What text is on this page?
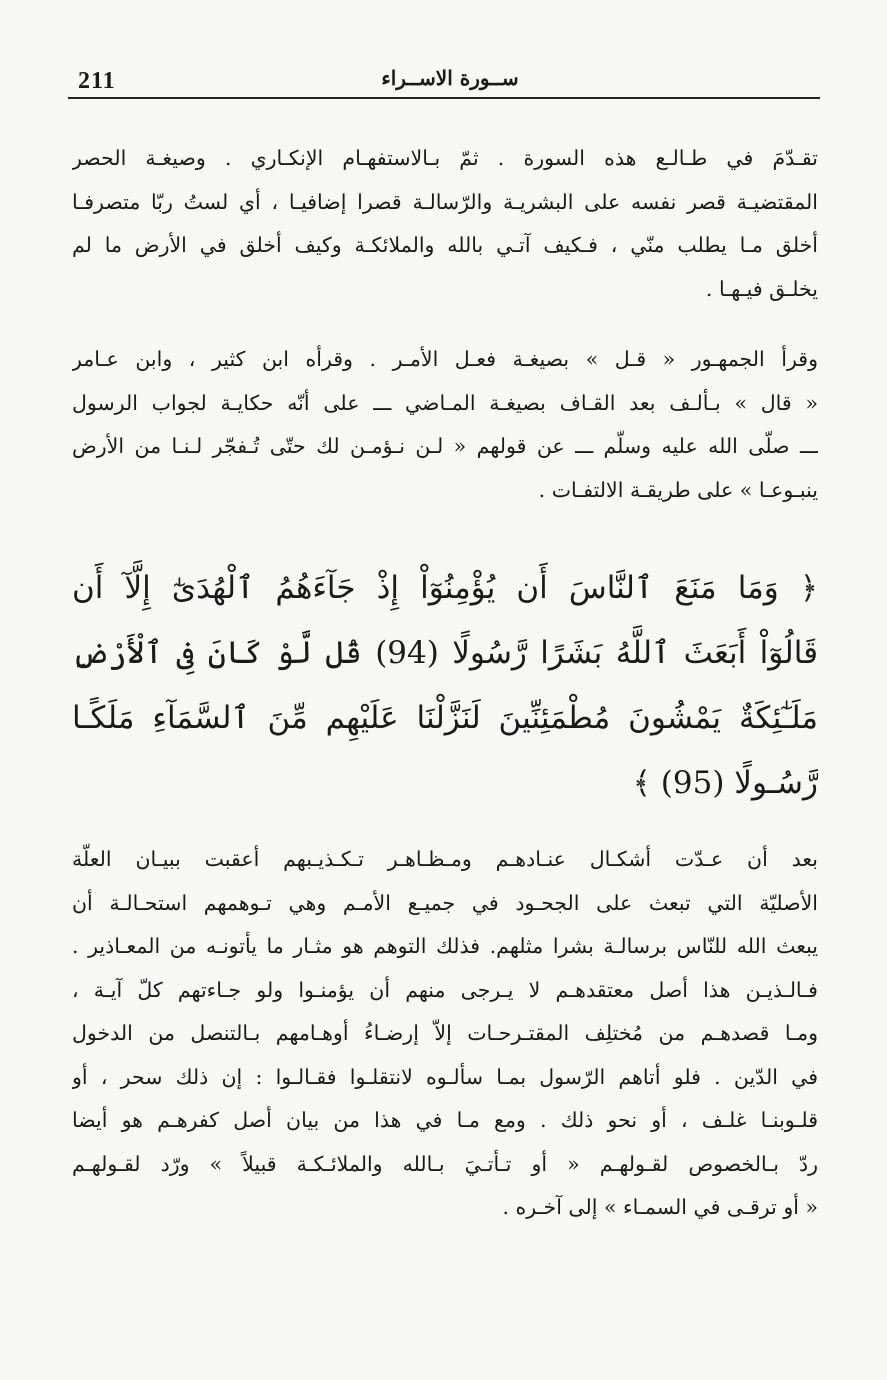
211	ســورة الاســراء
تقـدّمَ في طـالـع هذه السورة . ثمّ بـالاستفهـام الإنكـاري . وصيغـة الحصر
المقتضيـة قصر نفسه على البشريـة والرّسالـة قصرا إضافيـا ، أي لستُ ربّا متصرفـا
أخلق مـا يطلب منّي ، فـكيف آتـي بالله والملائكـة وكيف أخلق في الأرض ما لم
يخلـق فيـهـا .
وقرأ الجمهـور « قـل » بصيغـة فعـل الأمـر . وقرأه ابن كثير ، وابن عـامر
« قال » بـألـف بعد القـاف بصيغـة المـاضي ـــ على أنّه حكايـة لجواب الرسول
ـــ صلّى الله عليه وسلّم ـــ عن قولهم « لـن نـؤمـن لك حتّى تُـفجّر لـنـا من الأرض
ينبـوعـا » على طريقـة الالتفـات .
﴿ وَمَا مَنَعَ ٱلنَّاسَ أَن يُؤْمِنُوٓاْ إِذْ جَآءَهُمُ ٱلْهُدَىٰٓ إِلَّآ أَن
قَالُوٓاْ أَبَعَثَ ٱللَّهُ بَشَرًا رَّسُولًا (94) قُل لَّوْ كَانَ فِى ٱلْأَرْضِ
مَلَـٰٓئِكَةٌ يَمْشُونَ مُطْمَئِنِّينَ لَنَزَّلْنَا عَلَيْهِم مِّنَ ٱلسَّمَآءِ مَلَكًـا
رَّسُـولًا (95) ﴾
بعد أن عـدّت أشكـال عنـادهـم ومـظـاهـر تـكـذيـبهم أعقبت ببيـان العلّة
الأصليّة التي تبعث على الجحـود في جميـع الأمـم وهي تـوهمهم استحـالـة أن
يبعث الله للنّاس برسالـة بشرا مثلهم. فذلك التوهم هو مثـار ما يأتونـه من المعـاذير .
فـالـذيـن هذا أصل معتقدهـم لا يـرجى منهم أن يؤمنـوا ولو جـاءتهم كلّ آيـة ،
ومـا قصدهـم من مُختلِف المقتـرحـات إلاّ إرضـاءُ أوهـامهم بـالتنصل من الدخول
في الدّين . فلو أتاهم الرّسول بمـا سألـوه لانتقلـوا فقـالـوا : إن ذلك سحر ، أو
قلـوبنـا غلـف ، أو نحو ذلك . ومع مـا في هذا من بيان أصل كفرهـم هو أيضا
ردّ بـالخصوص لقـولهـم « أو تـأتـيَ بـالله والملائـكـة قبيلاً » ورّد لقـولهـم
« أو ترقـى في السمـاء » إلى آخـره .
